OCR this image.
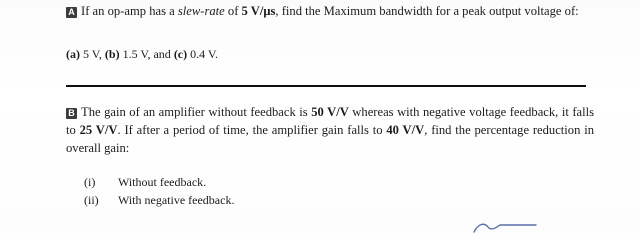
A If an op-amp has a slew-rate of 5 V/μs, find the Maximum bandwidth for a peak output voltage of:
(a) 5 V, (b) 1.5 V, and (c) 0.4 V.
B The gain of an amplifier without feedback is 50 V/V whereas with negative voltage feedback, it falls to 25 V/V. If after a period of time, the amplifier gain falls to 40 V/V, find the percentage reduction in overall gain:
(i) Without feedback.
(ii) With negative feedback.
